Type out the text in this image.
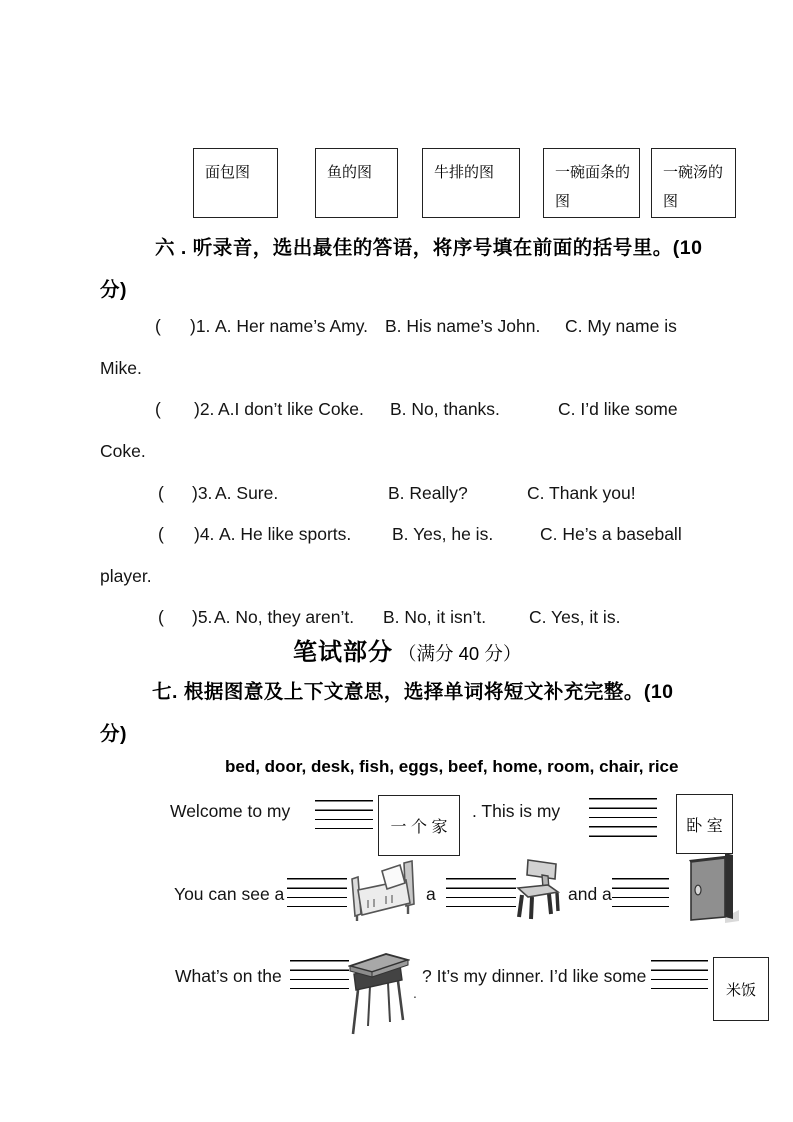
面包图	鱼的图	牛排的图	一碗面条的图
一碗汤的图
六 . 听录音，选出最佳的答语，将序号填在前面的括号里。(10
分)
( )1. A. Her name’s Amy. B. His name’s John. C. My name is
Mike.
( )2. A.I don’t like Coke. B. No, thanks.	C. I’d like some
Coke.
( )3. A. Sure.	B. Really?	C. Thank you!
( )4. A. He like sports. B. Yes, he is.	C. He’s a baseball
player.
( )5. A. No, they aren’t. B. No, it isn’t. C. Yes, it is.
笔试部分 （满分 40 分）
七. 根据图意及上下文意思，选择单词将短文补充完整。(10
分)
bed, door, desk, fish, eggs, beef, home, room, chair, rice
Welcome to my
一 个 家
. This is my
卧 室
You can see a	a	and a
What’s on the
.
? It’s my dinner. I’d like some
米饭
